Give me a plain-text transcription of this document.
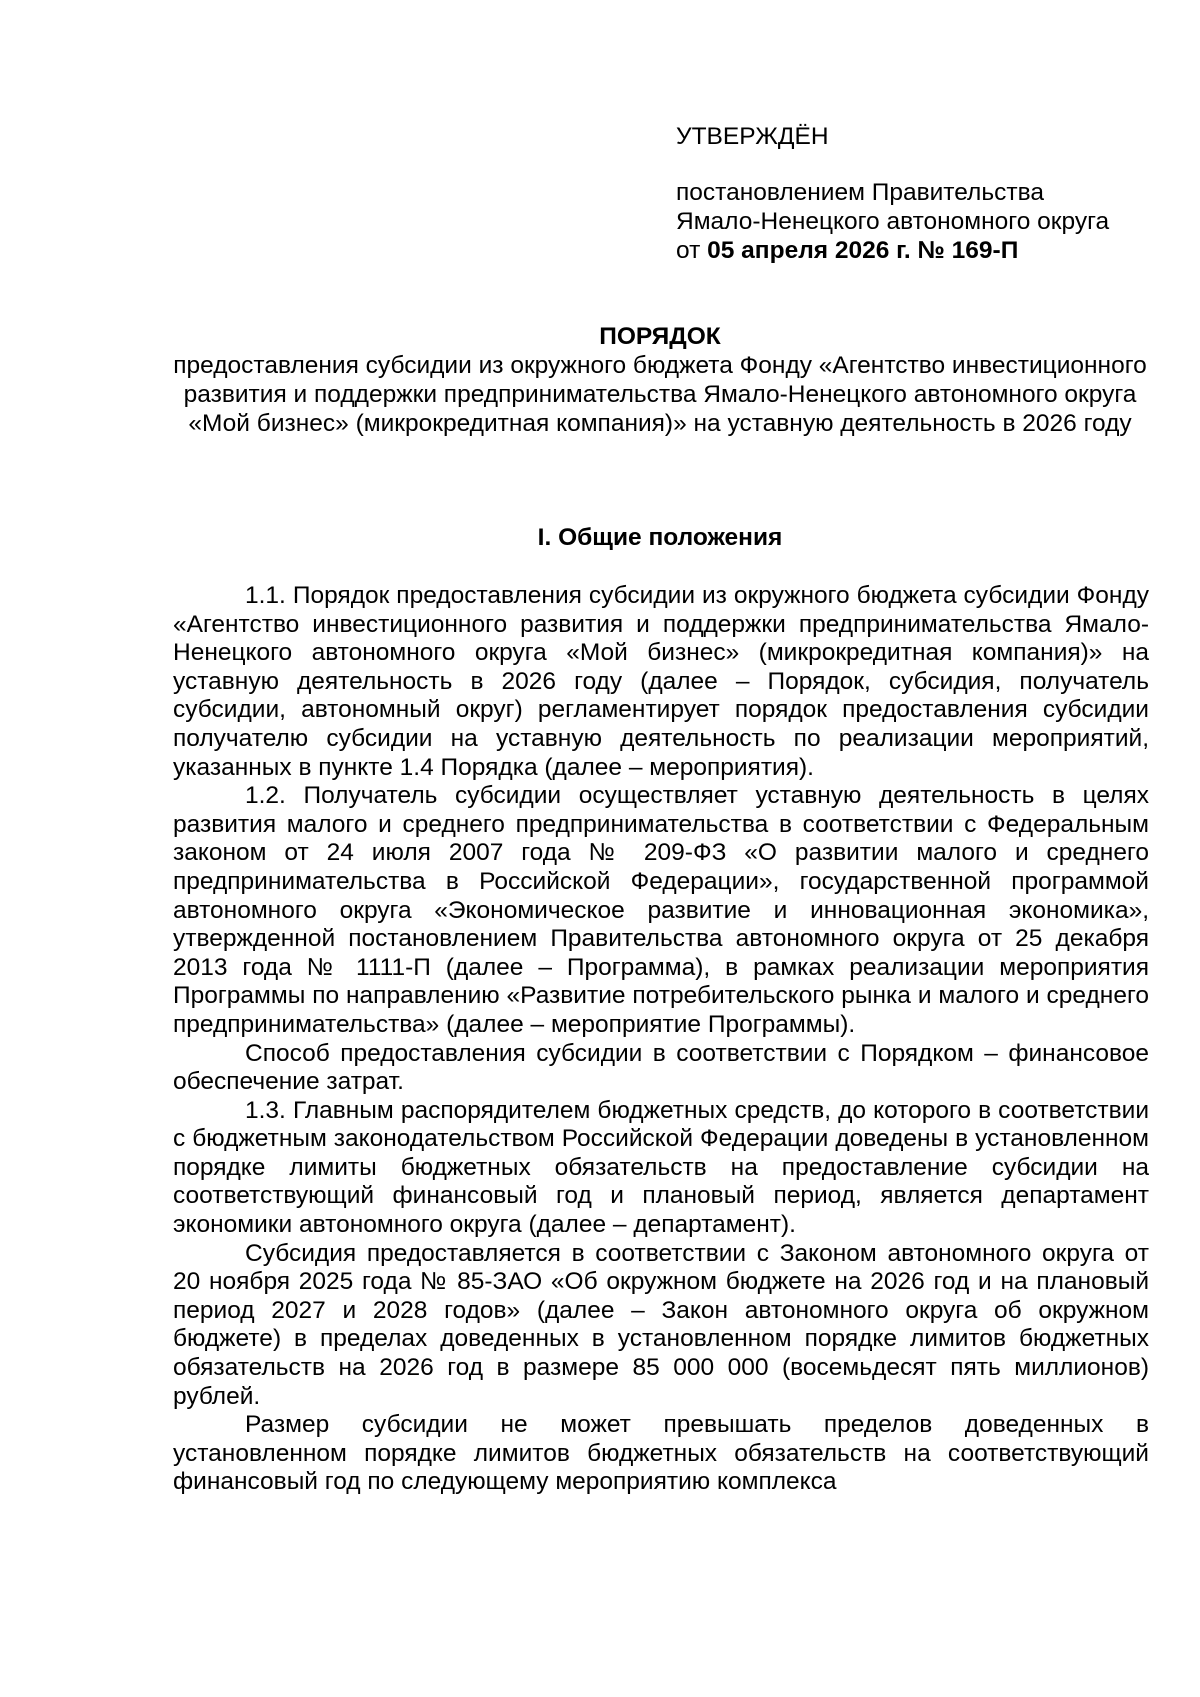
УТВЕРЖДЁН
постановлением Правительства
Ямало-Ненецкого автономного округа
от 05 апреля 2026 г. № 169-П
ПОРЯДОК
предоставления субсидии из окружного бюджета Фонду «Агентство инвестиционного развития и поддержки предпринимательства Ямало-Ненецкого автономного округа «Мой бизнес» (микрокредитная компания)» на уставную деятельность в 2026 году
I. Общие положения

1.1. Порядок предоставления субсидии из окружного бюджета субсидии Фонду «Агентство инвестиционного развития и поддержки предпринимательства Ямало-Ненецкого автономного округа «Мой бизнес» (микрокредитная компания)» на уставную деятельность в 2026 году (далее – Порядок, субсидия, получатель субсидии, автономный округ) регламентирует порядок предоставления субсидии получателю субсидии на уставную деятельность по реализации мероприятий, указанных в пункте 1.4 Порядка (далее – мероприятия).

1.2. Получатель субсидии осуществляет уставную деятельность в целях развития малого и среднего предпринимательства в соответствии с Федеральным законом от 24 июля 2007 года № 209-ФЗ «О развитии малого и среднего предпринимательства в Российской Федерации», государственной программой автономного округа «Экономическое развитие и инновационная экономика», утвержденной постановлением Правительства автономного округа от 25 декабря 2013 года № 1111-П (далее – Программа), в рамках реализации мероприятия Программы по направлению «Развитие потребительского рынка и малого и среднего предпринимательства» (далее – мероприятие Программы).

Способ предоставления субсидии в соответствии с Порядком – финансовое обеспечение затрат.

1.3. Главным распорядителем бюджетных средств, до которого в соответствии с бюджетным законодательством Российской Федерации доведены в установленном порядке лимиты бюджетных обязательств на предоставление субсидии на соответствующий финансовый год и плановый период, является департамент экономики автономного округа (далее – департамент).

Субсидия предоставляется в соответствии с Законом автономного округа от 20 ноября 2025 года № 85-ЗАО «Об окружном бюджете на 2026 год и на плановый период 2027 и 2028 годов» (далее – Закон автономного округа об окружном бюджете) в пределах доведенных в установленном порядке лимитов бюджетных обязательств на 2026 год в размере 85 000 000 (восемьдесят пять миллионов) рублей.

Размер субсидии не может превышать пределов доведенных в установленном порядке лимитов бюджетных обязательств на соответствующий финансовый год по следующему мероприятию комплекса
